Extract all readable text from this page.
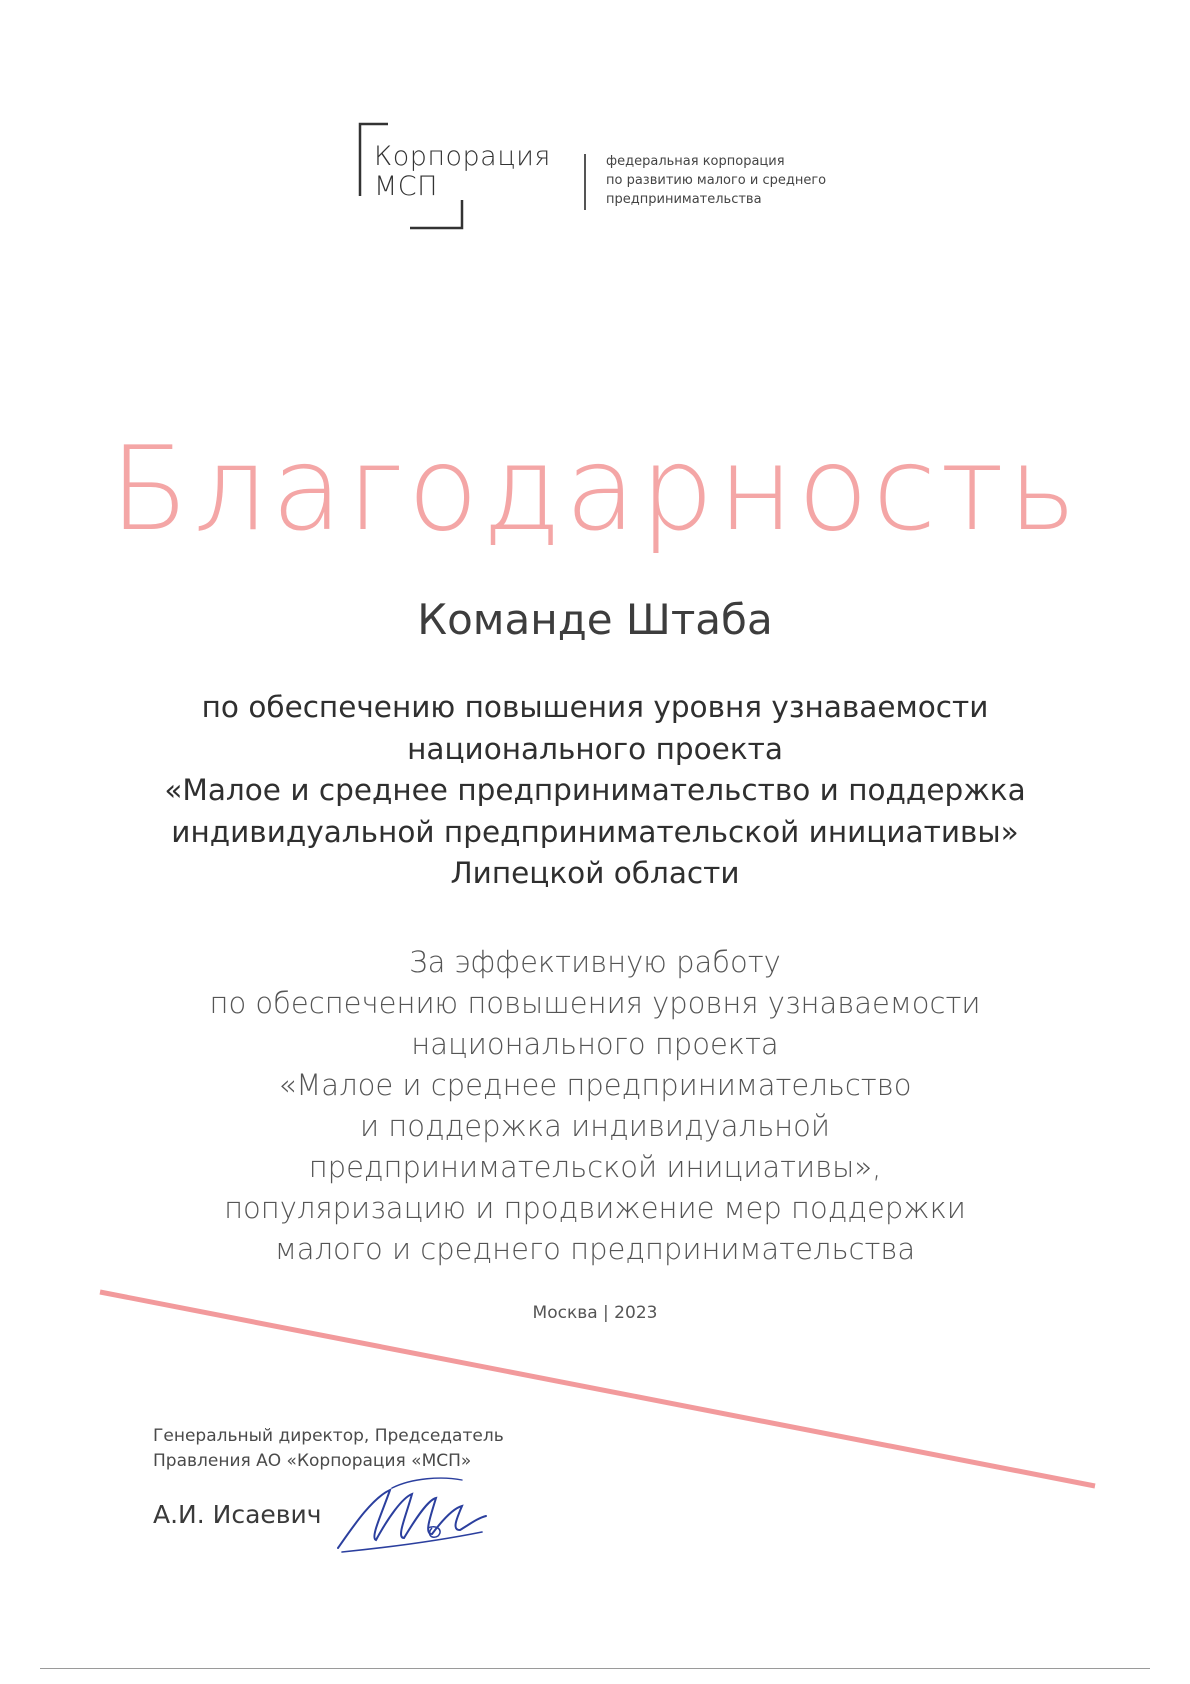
Корпорация
МСП
федеральная корпорация
по развитию малого и среднего
предпринимательства
Благодарность
Команде Штаба
по обеспечению повышения уровня узнаваемости
национального проекта
«Малое и среднее предпринимательство и поддержка
индивидуальной предпринимательской инициативы»
Липецкой области
За эффективную работу
по обеспечению повышения уровня узнаваемости
национального проекта
«Малое и среднее предпринимательство
и поддержка индивидуальной
предпринимательской инициативы»,
популяризацию и продвижение мер поддержки
малого и среднего предпринимательства
Москва | 2023
Генеральный директор, Председатель
Правления АО «Корпорация «МСП»
А.И. Исаевич
